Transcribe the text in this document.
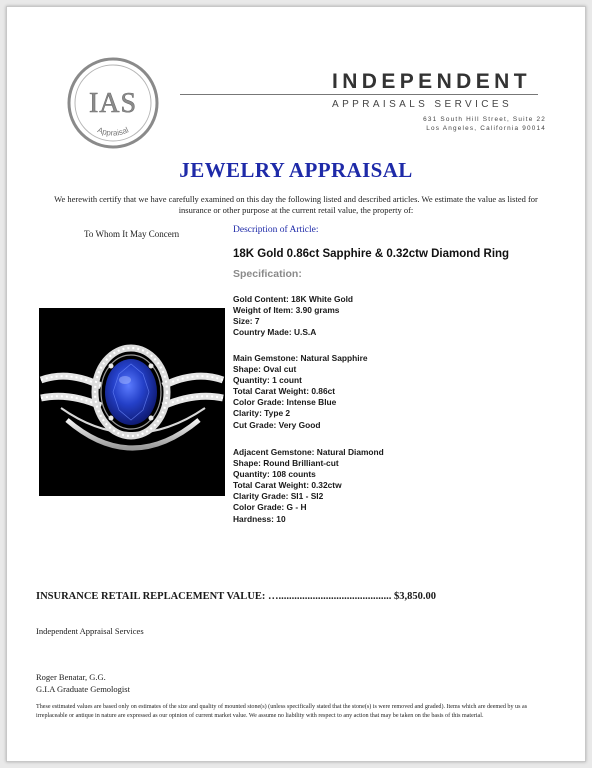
IAS
Appraisal
INDEPENDENT
APPRAISALS SERVICES
631 South Hill Street, Suite 22
Los Angeles, California 90014
JEWELRY APPRAISAL
We herewith certify that we have carefully examined on this day the following listed and described articles. We estimate the value as listed for insurance or other purpose at the current retail value, the property of:
To Whom It May Concern	Description of Article:
18K Gold 0.86ct Sapphire & 0.32ctw Diamond Ring
Specification:
Gold Content: 18K White Gold
Weight of Item: 3.90 grams
Size: 7
Country Made: U.S.A
Main Gemstone: Natural Sapphire
Shape: Oval cut
Quantity: 1 count
Total Carat Weight: 0.86ct
Color Grade: Intense Blue
Clarity: Type 2
Cut Grade: Very Good
Adjacent Gemstone: Natural Diamond
Shape: Round Brilliant-cut
Quantity: 108 counts
Total Carat Weight: 0.32ctw
Clarity Grade: SI1 - SI2
Color Grade: G - H
Hardness: 10
INSURANCE RETAIL REPLACEMENT VALUE: …........................................... $3,850.00
Independent Appraisal Services
Roger Benatar, G.G.
G.I.A Graduate Gemologist
These estimated values are based only on estimates of the size and quality of mounted stone(s) (unless specifically stated that the stone(s) is were removed and graded). Items which are deemed by us as irreplaceable or antique in nature are expressed as our opinion of current market value. We assume no liability with respect to any action that may be taken on the basis of this material.
